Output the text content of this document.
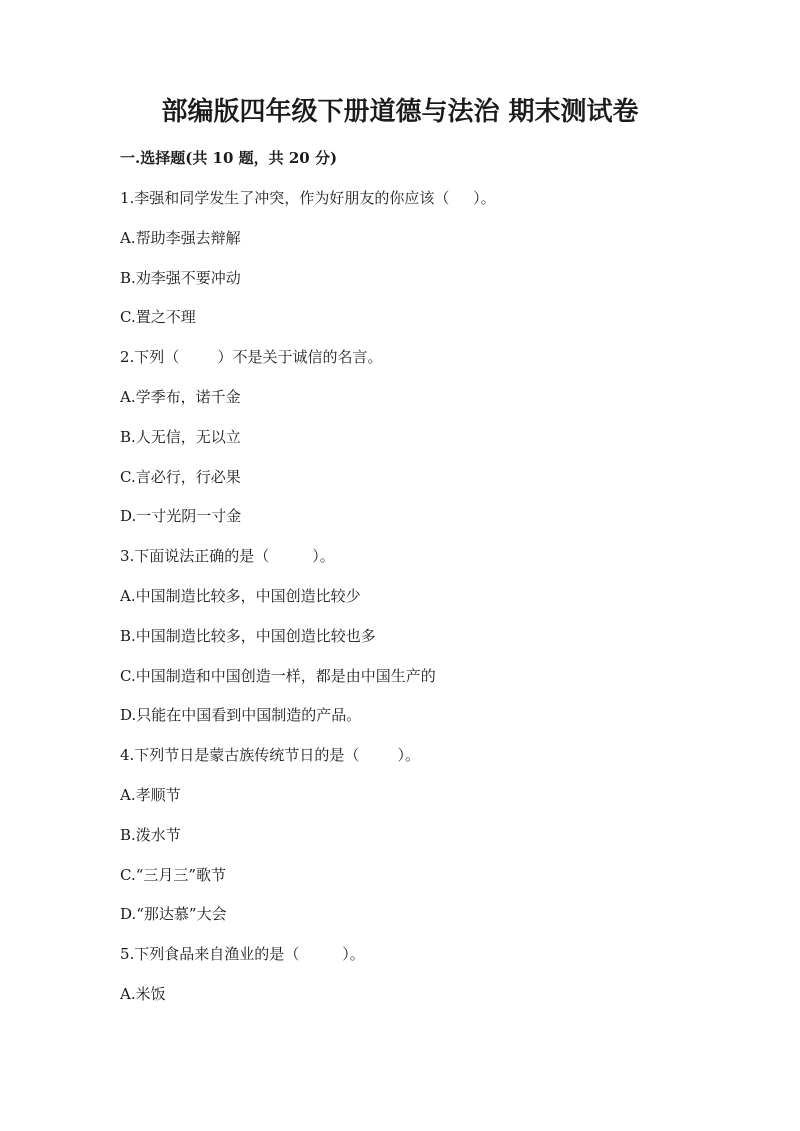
部编版四年级下册道德与法治 期末测试卷
一.选择题(共 10 题，共 20 分)
1.李强和同学发生了冲突，作为好朋友的你应该（     ）。
A.帮助李强去辩解
B.劝李强不要冲动
C.置之不理
2.下列（        ）不是关于诚信的名言。
A.学季布，诺千金
B.人无信，无以立
C.言必行，行必果
D.一寸光阴一寸金
3.下面说法正确的是（         ）。
A.中国制造比较多，中国创造比较少
B.中国制造比较多，中国创造比较也多
C.中国制造和中国创造一样，都是由中国生产的
D.只能在中国看到中国制造的产品。
4.下列节日是蒙古族传统节日的是（        ）。
A.孝顺节
B.泼水节
C.“三月三”歌节
D.“那达慕”大会
5.下列食品来自渔业的是（         ）。
A.米饭
